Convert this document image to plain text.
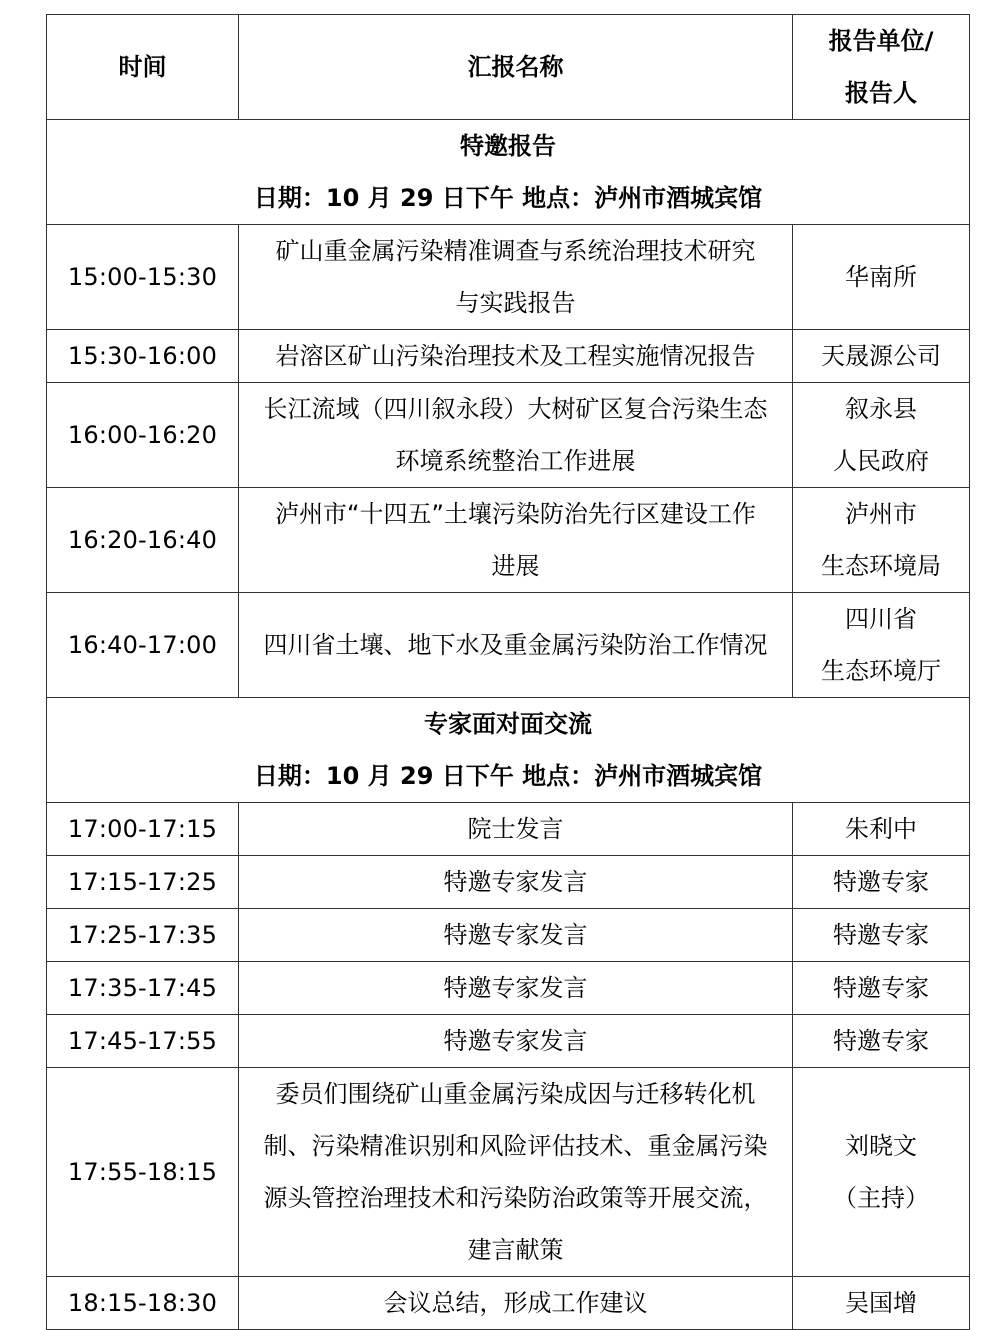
时间	汇报名称	报告单位/
报告人

特邀报告
日期：10 月 29 日下午 地点：泸州市酒城宾馆		

15:00-15:30	矿山重金属污染精准调查与系统治理技术研究
与实践报告	华南所

15:30-16:00	岩溶区矿山污染治理技术及工程实施情况报告	天晟源公司

16:00-16:20	长江流域（四川叙永段）大树矿区复合污染生态
环境系统整治工作进展	叙永县
人民政府

16:20-16:40	泸州市“十四五”土壤污染防治先行区建设工作
进展	泸州市
生态环境局

16:40-17:00	四川省土壤、地下水及重金属污染防治工作情况	四川省
生态环境厅

专家面对面交流
日期：10 月 29 日下午 地点：泸州市酒城宾馆		

17:00-17:15	院士发言	朱利中

17:15-17:25	特邀专家发言	特邀专家

17:25-17:35	特邀专家发言	特邀专家

17:35-17:45	特邀专家发言	特邀专家

17:45-17:55	特邀专家发言	特邀专家

17:55-18:15	委员们围绕矿山重金属污染成因与迁移转化机
制、污染精准识别和风险评估技术、重金属污染
源头管控治理技术和污染防治政策等开展交流，
建言献策	刘晓文
（主持）

18:15-18:30	会议总结，形成工作建议	吴国增
